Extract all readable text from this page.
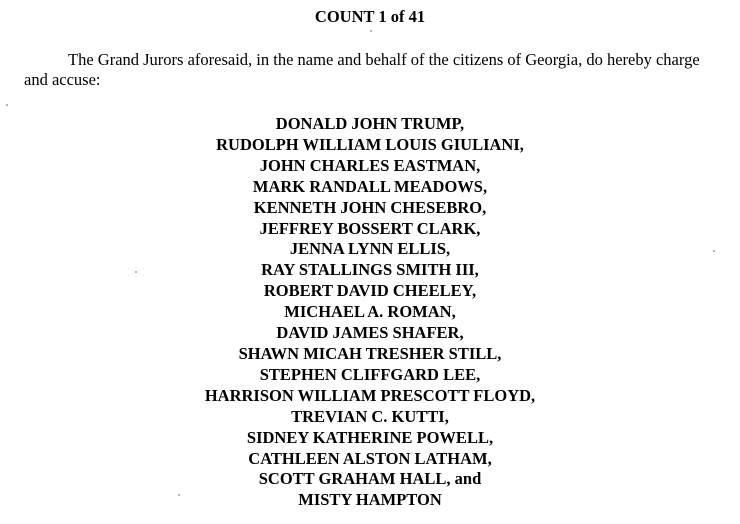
COUNT 1 of 41
The Grand Jurors aforesaid, in the name and behalf of the citizens of Georgia, do hereby charge and accuse:
DONALD JOHN TRUMP,
RUDOLPH WILLIAM LOUIS GIULIANI,
JOHN CHARLES EASTMAN,
MARK RANDALL MEADOWS,
KENNETH JOHN CHESEBRO,
JEFFREY BOSSERT CLARK,
JENNA LYNN ELLIS,
RAY STALLINGS SMITH III,
ROBERT DAVID CHEELEY,
MICHAEL A. ROMAN,
DAVID JAMES SHAFER,
SHAWN MICAH TRESHER STILL,
STEPHEN CLIFFGARD LEE,
HARRISON WILLIAM PRESCOTT FLOYD,
TREVIAN C. KUTTI,
SIDNEY KATHERINE POWELL,
CATHLEEN ALSTON LATHAM,
SCOTT GRAHAM HALL, and
MISTY HAMPTON
